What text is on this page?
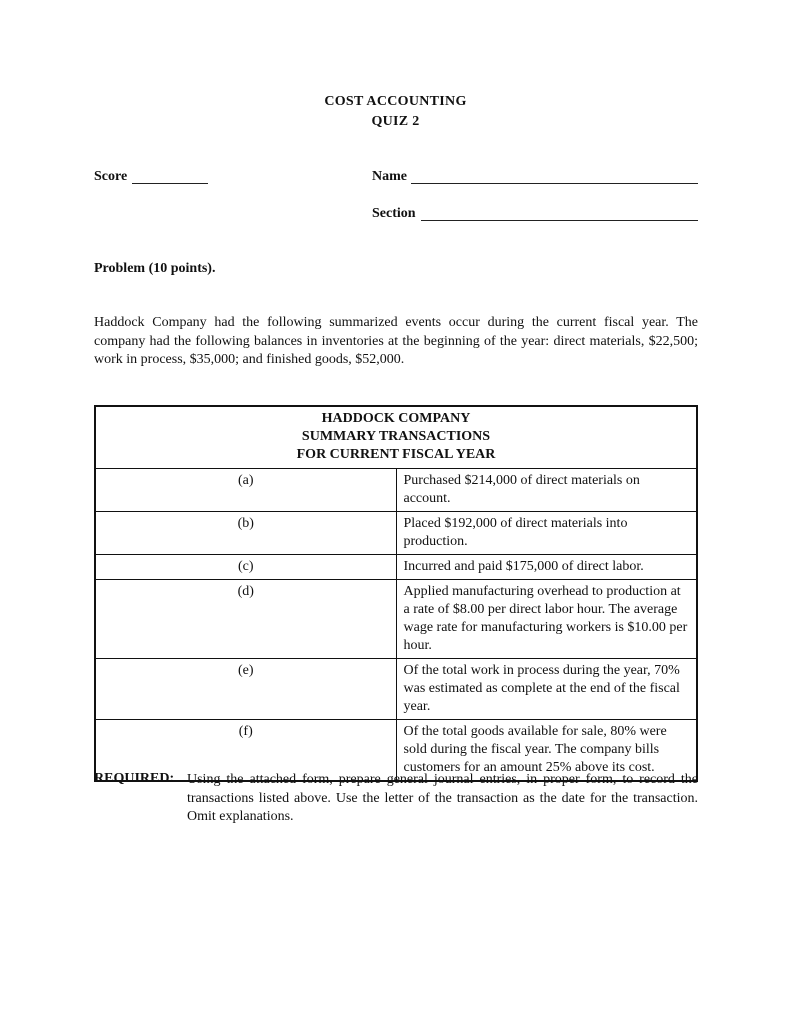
COST ACCOUNTING
QUIZ 2
Score	Name
Section
Problem (10 points).
Haddock Company had the following summarized events occur during the current fiscal year. The company had the following balances in inventories at the beginning of the year: direct materials, $22,500; work in process, $35,000; and finished goods, $52,000.
HADDOCK COMPANY
SUMMARY TRANSACTIONS
FOR CURRENT FISCAL YEAR	

(a)	Purchased $214,000 of direct materials on account.
(b)	Placed $192,000 of direct materials into production.
(c)	Incurred and paid $175,000 of direct labor.
(d)	Applied manufacturing overhead to production at a rate of $8.00 per direct labor hour. The average wage rate for manufacturing workers is $10.00 per hour.
(e)	Of the total work in process during the year, 70% was estimated as complete at the end of the fiscal year.
(f)	Of the total goods available for sale, 80% were sold during the fiscal year. The company bills customers for an amount 25% above its cost.
REQUIRED: Using the attached form, prepare general journal entries, in proper form, to record the transactions listed above. Use the letter of the transaction as the date for the transaction. Omit explanations.
